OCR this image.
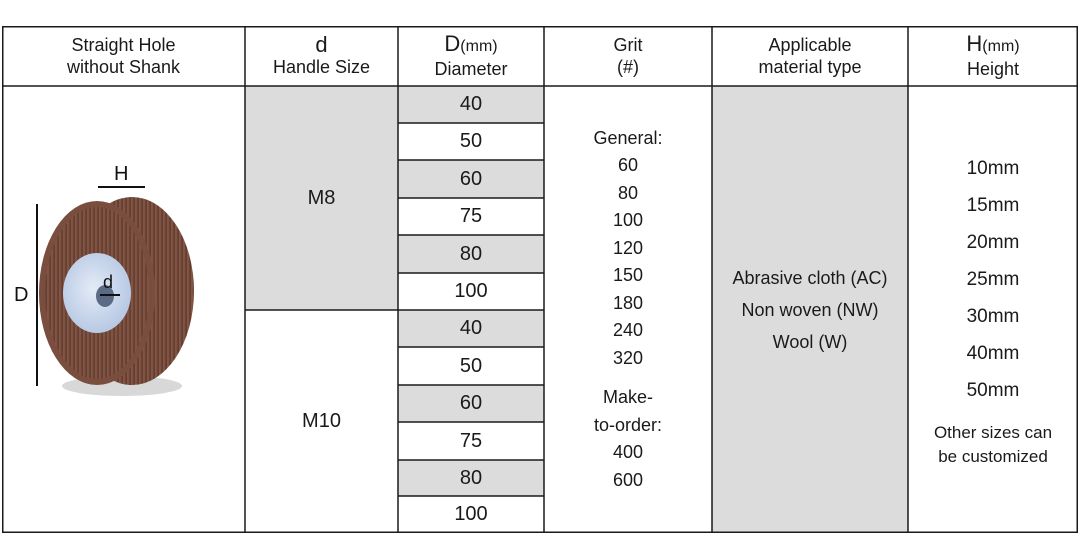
Straight Hole
without Shank
d
Handle Size
D(mm)
Diameter
Grit
(#)
Applicable
material type
H(mm)
Height
H
D
d
M8
M10
40
50
60
75
80
100
40
50
60
75
80
100
General:
60
80
100
120
150
180
240
320
Make-
to-order:
400
600
Abrasive cloth (AC)
Non woven (NW)
Wool (W)
10mm
15mm
20mm
25mm
30mm
40mm
50mm
Other sizes can
be customized
